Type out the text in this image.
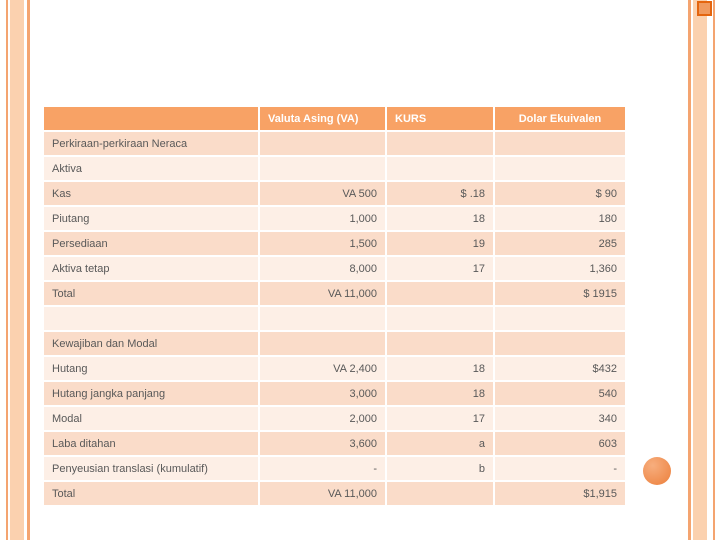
	Valuta Asing (VA)	KURS	Dolar Ekuivalen
Perkiraan-perkiraan Neraca			
Aktiva			
Kas	VA 500	$ .18	$ 90
Piutang	1,000	18	180
Persediaan	1,500	19	285
Aktiva tetap	8,000	17	1,360
Total	VA 11,000		$ 1915

Kewajiban dan Modal			
Hutang	VA 2,400	18	$432
Hutang jangka panjang	3,000	18	540
Modal	2,000	17	340
Laba ditahan	3,600	a	603
Penyeusian translasi (kumulatif)	-	b	-
Total	VA 11,000		$1,915
